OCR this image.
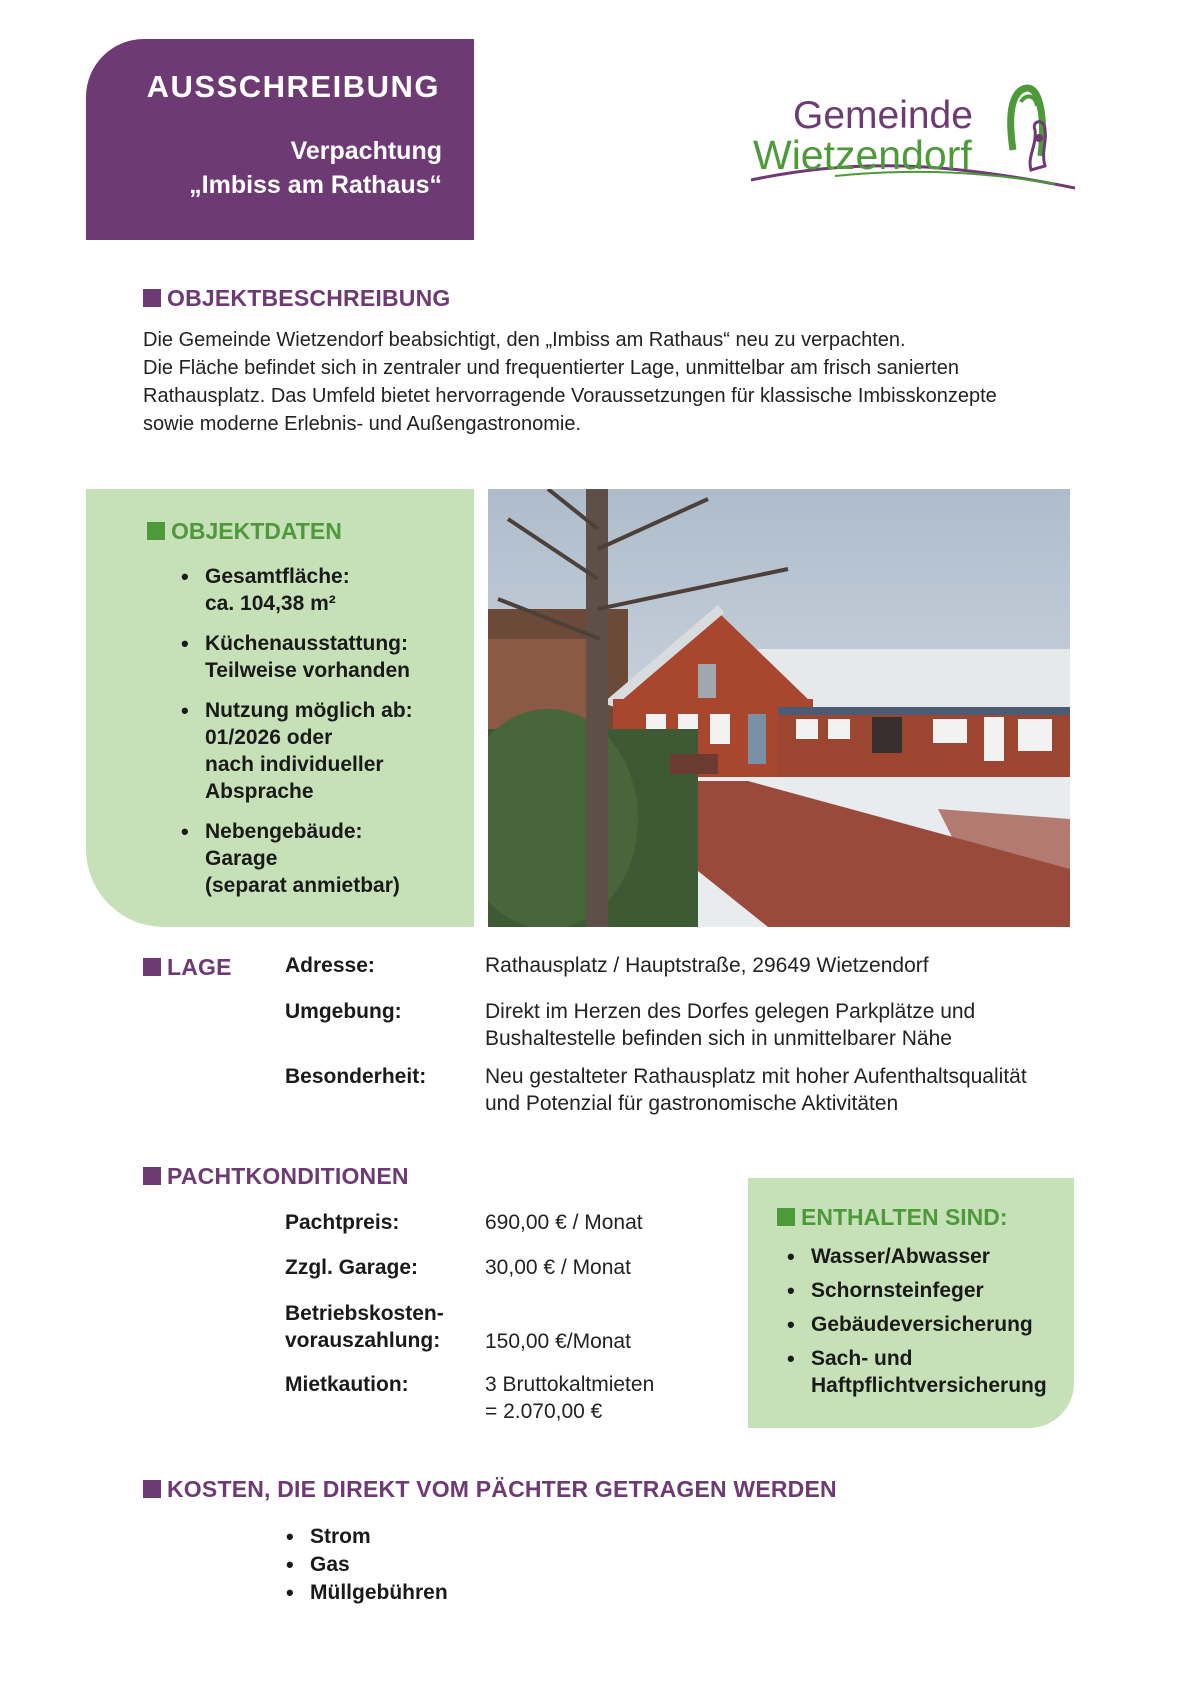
AUSSCHREIBUNG
Verpachtung
„Imbiss am Rathaus“
Gemeinde
Wietzendorf
OBJEKTBESCHREIBUNG
Die Gemeinde Wietzendorf beabsichtigt, den „Imbiss am Rathaus“ neu zu verpachten.
Die Fläche befindet sich in zentraler und frequentierter Lage, unmittelbar am frisch sanierten
Rathausplatz. Das Umfeld bietet hervorragende Voraussetzungen für klassische Imbisskonzepte
sowie moderne Erlebnis- und Außengastronomie.
OBJEKTDATEN
• Gesamtfläche:
ca. 104,38 m²
• Küchenausstattung:
Teilweise vorhanden
• Nutzung möglich ab:
01/2026 oder
nach individueller
Absprache
• Nebengebäude:
Garage
(separat anmietbar)
LAGE	Adresse:	Rathausplatz / Hauptstraße, 29649 Wietzendorf
Umgebung:	Direkt im Herzen des Dorfes gelegen Parkplätze und
Bushaltestelle befinden sich in unmittelbarer Nähe
Besonderheit:	Neu gestalteter Rathausplatz mit hoher Aufenthaltsqualität
und Potenzial für gastronomische Aktivitäten
PACHTKONDITIONEN
Pachtpreis:	690,00 € / Monat
Zzgl. Garage:	30,00 € / Monat
Betriebskosten-
vorauszahlung: 150,00 €/Monat
Mietkaution:	3 Bruttokaltmieten
= 2.070,00 €
ENTHALTEN SIND:
• Wasser/Abwasser
• Schornsteinfeger
• Gebäudeversicherung
• Sach- und
Haftpflichtversicherung
KOSTEN, DIE DIREKT VOM PÄCHTER GETRAGEN WERDEN
• Strom
• Gas
• Müllgebühren
